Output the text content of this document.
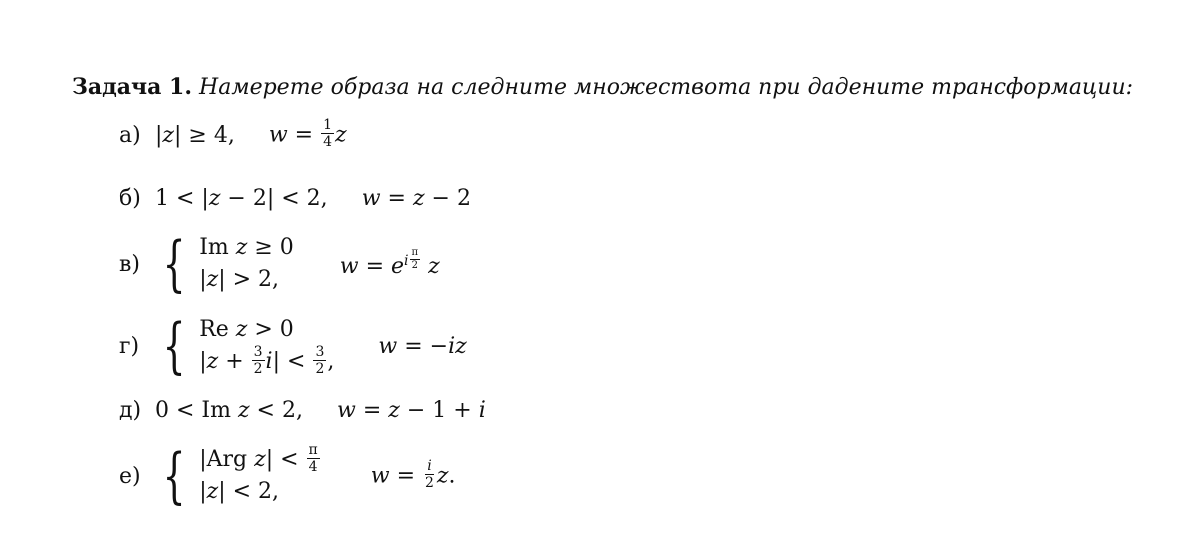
Задача 1. Намерете образа на следните множествота при дадените трансформации:
а) |z| ≥ 4, $w = \frac{1}{4}$ z
б) 1 < |z − 2| < 2, w = z − 2
в) { Im z ≥ 0
|z| > 2,
$w = e^{i \frac{\pi}{2}}$ z
г) { Re z > 0
$|z + \frac{3}{2} i| < \frac{3}{2}$ ,
w = −iz
д) 0 < Im z < 2, w = z − 1 + i
е) { |Arg $z| < \frac{\pi}{4}$
|z| < 2,
$w = \frac{i}{2} z$.
